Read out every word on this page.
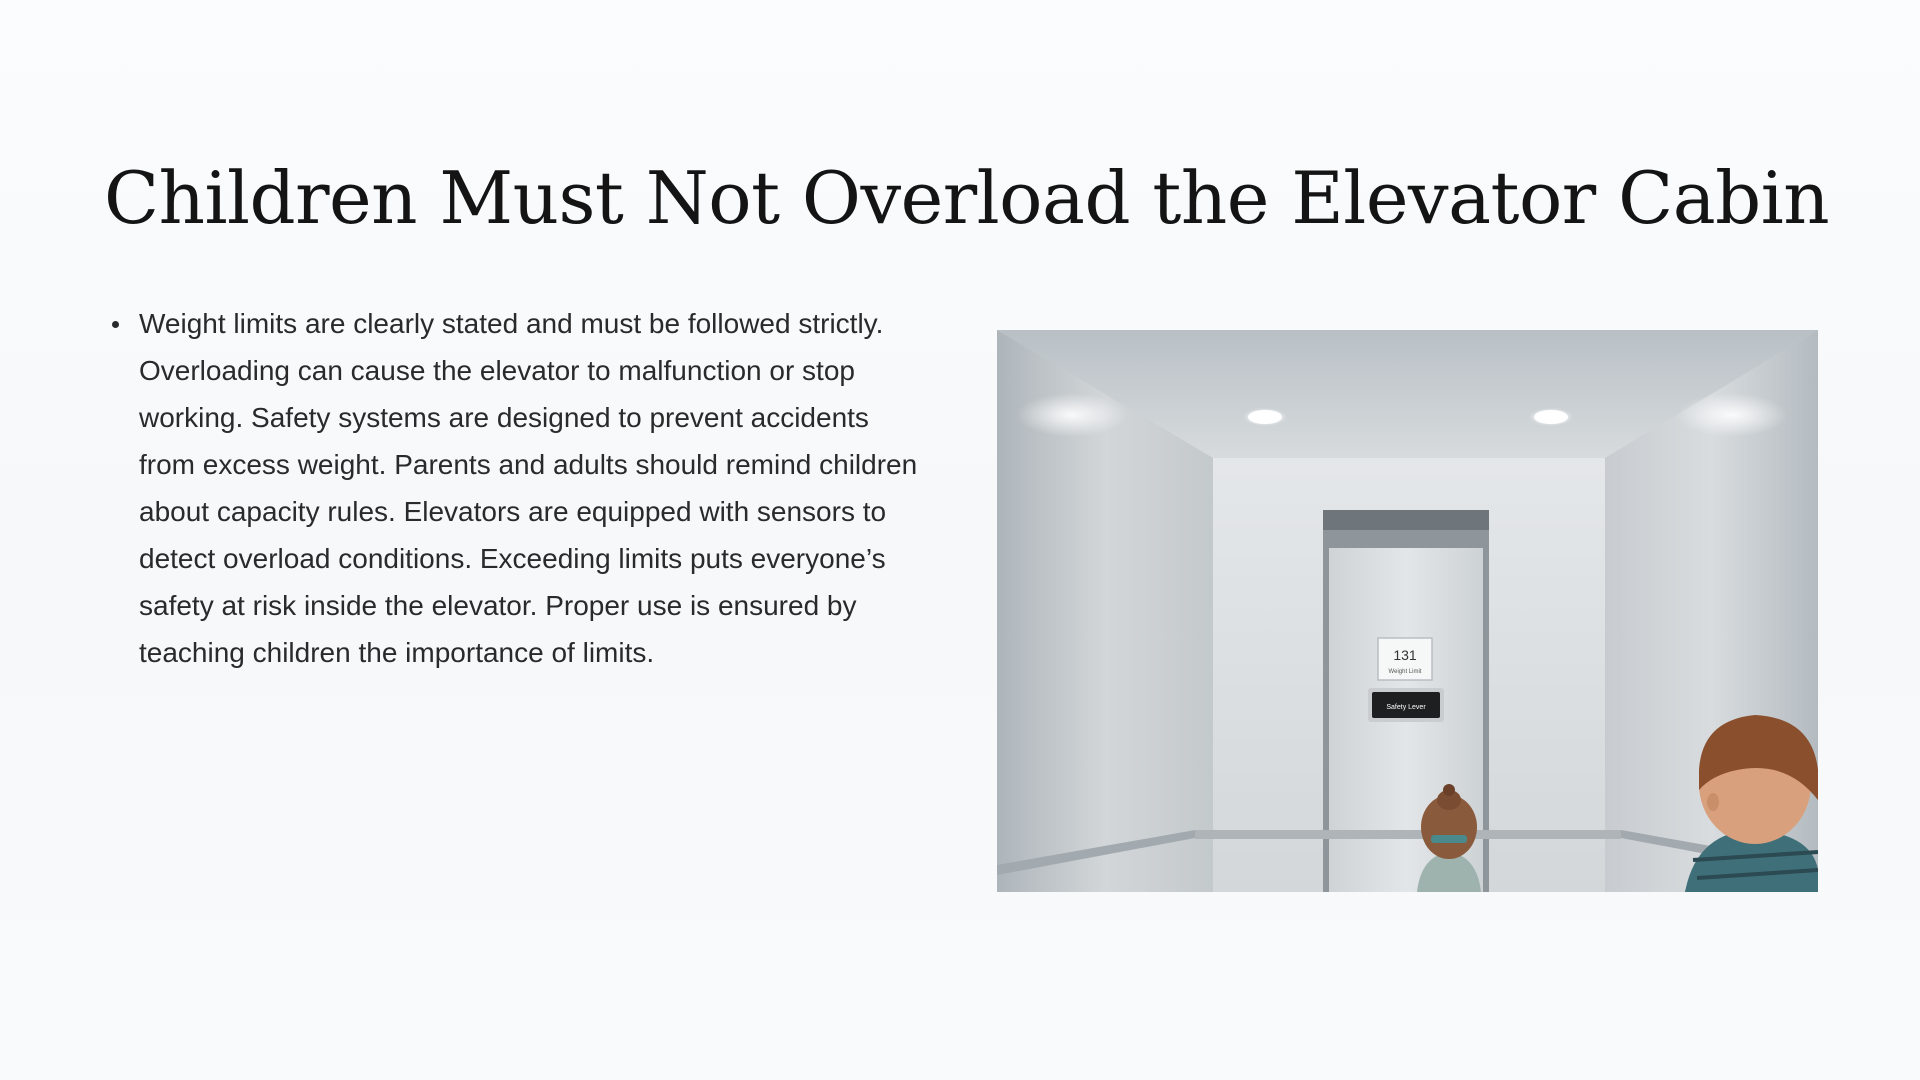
Children Must Not Overload the Elevator Cabin
Weight limits are clearly stated and must be followed strictly. Overloading can cause the elevator to malfunction or stop working. Safety systems are designed to prevent accidents from excess weight. Parents and adults should remind children about capacity rules. Elevators are equipped with sensors to detect overload conditions. Exceeding limits puts everyone’s safety at risk inside the elevator. Proper use is ensured by teaching children the importance of limits.	131
Weight Limit
Safety Lever
